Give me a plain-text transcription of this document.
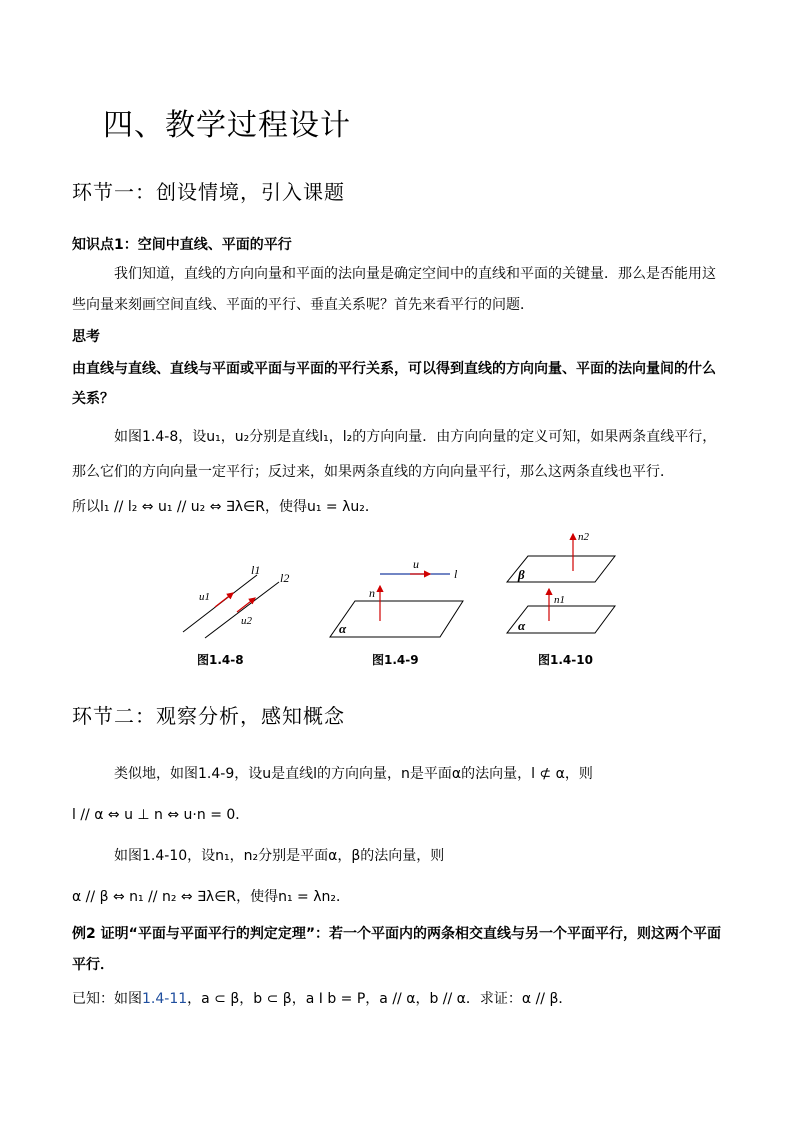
四、教学过程设计
环节一：创设情境，引入课题
知识点1：空间中直线、平面的平行
我们知道，直线的方向向量和平面的法向量是确定空间中的直线和平面的关键量．那么是否能用这
些向量来刻画空间直线、平面的平行、垂直关系呢？首先来看平行的问题．
思考
由直线与直线、直线与平面或平面与平面的平行关系，可以得到直线的方向向量、平面的法向量间的什么
关系？
如图1.4-8，设u₁，u₂分别是直线l₁，l₂的方向向量．由方向向量的定义可知，如果两条直线平行，
那么它们的方向向量一定平行；反过来，如果两条直线的方向向量平行，那么这两条直线也平行．
所以l₁ // l₂ ⇔ u₁ // u₂ ⇔ ∃λ∈R，使得u₁ = λu₂．
l1
l2
u1
u2
图1.4-8
u
l
n
α
图1.4-9
n2
β
n1
α
图1.4-10
环节二：观察分析，感知概念
类似地，如图1.4-9，设u是直线l的方向向量，n是平面α的法向量，l ⊄ α，则
l // α ⇔ u ⊥ n ⇔ u·n = 0．
如图1.4-10，设n₁，n₂分别是平面α，β的法向量，则
α // β ⇔ n₁ // n₂ ⇔ ∃λ∈R，使得n₁ = λn₂．
例2 证明“平面与平面平行的判定定理”：若一个平面内的两条相交直线与另一个平面平行，则这两个平面
平行．
已知：如图1.4-11，a ⊂ β，b ⊂ β，a I b = P，a // α，b // α．求证：α // β．
